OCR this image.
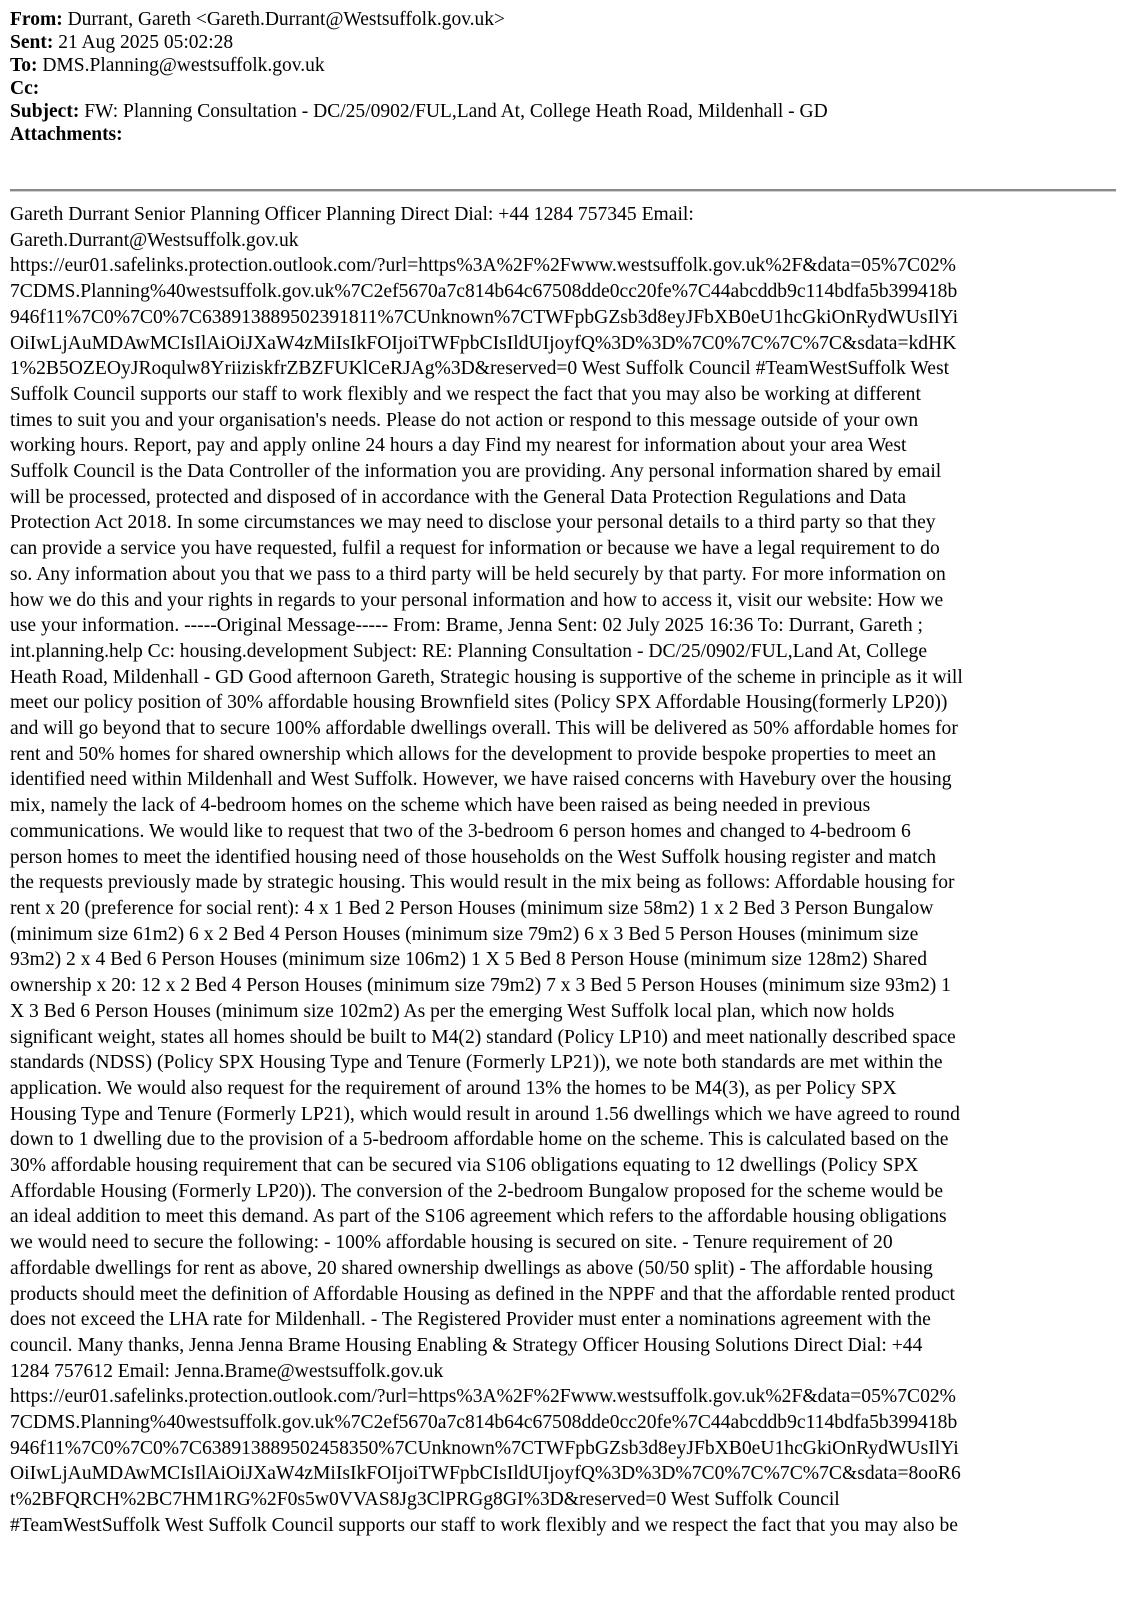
From: Durrant, Gareth <Gareth.Durrant@Westsuffolk.gov.uk>
Sent: 21 Aug 2025 05:02:28
To: DMS.Planning@westsuffolk.gov.uk
Cc:
Subject: FW: Planning Consultation - DC/25/0902/FUL,Land At, College Heath Road, Mildenhall - GD
Attachments:
Gareth Durrant Senior Planning Officer Planning Direct Dial: +44 1284 757345 Email:
Gareth.Durrant@Westsuffolk.gov.uk
https://eur01.safelinks.protection.outlook.com/?url=https%3A%2F%2Fwww.westsuffolk.gov.uk%2F&data=05%7C02%
7CDMS.Planning%40westsuffolk.gov.uk%7C2ef5670a7c814b64c67508dde0cc20fe%7C44abcddb9c114bdfa5b399418b
946f11%7C0%7C0%7C638913889502391811%7CUnknown%7CTWFpbGZsb3d8eyJFbXB0eU1hcGkiOnRydWUsIlYi
OiIwLjAuMDAwMCIsIlAiOiJXaW4zMiIsIkFOIjoiTWFpbCIsIldUIjoyfQ%3D%3D%7C0%7C%7C%7C&sdata=kdHK
1%2B5OZEOyJRoqulw8YriiziskfrZBZFUKlCeRJAg%3D&reserved=0 West Suffolk Council #TeamWestSuffolk West
Suffolk Council supports our staff to work flexibly and we respect the fact that you may also be working at different
times to suit you and your organisation's needs. Please do not action or respond to this message outside of your own
working hours. Report, pay and apply online 24 hours a day Find my nearest for information about your area West
Suffolk Council is the Data Controller of the information you are providing. Any personal information shared by email
will be processed, protected and disposed of in accordance with the General Data Protection Regulations and Data
Protection Act 2018. In some circumstances we may need to disclose your personal details to a third party so that they
can provide a service you have requested, fulfil a request for information or because we have a legal requirement to do
so. Any information about you that we pass to a third party will be held securely by that party. For more information on
how we do this and your rights in regards to your personal information and how to access it, visit our website: How we
use your information. -----Original Message----- From: Brame, Jenna Sent: 02 July 2025 16:36 To: Durrant, Gareth ;
int.planning.help Cc: housing.development Subject: RE: Planning Consultation - DC/25/0902/FUL,Land At, College
Heath Road, Mildenhall - GD Good afternoon Gareth, Strategic housing is supportive of the scheme in principle as it will
meet our policy position of 30% affordable housing Brownfield sites (Policy SPX Affordable Housing(formerly LP20))
and will go beyond that to secure 100% affordable dwellings overall. This will be delivered as 50% affordable homes for
rent and 50% homes for shared ownership which allows for the development to provide bespoke properties to meet an
identified need within Mildenhall and West Suffolk. However, we have raised concerns with Havebury over the housing
mix, namely the lack of 4-bedroom homes on the scheme which have been raised as being needed in previous
communications. We would like to request that two of the 3-bedroom 6 person homes and changed to 4-bedroom 6
person homes to meet the identified housing need of those households on the West Suffolk housing register and match
the requests previously made by strategic housing. This would result in the mix being as follows: Affordable housing for
rent x 20 (preference for social rent): 4 x 1 Bed 2 Person Houses (minimum size 58m2) 1 x 2 Bed 3 Person Bungalow
(minimum size 61m2) 6 x 2 Bed 4 Person Houses (minimum size 79m2) 6 x 3 Bed 5 Person Houses (minimum size
93m2) 2 x 4 Bed 6 Person Houses (minimum size 106m2) 1 X 5 Bed 8 Person House (minimum size 128m2) Shared
ownership x 20: 12 x 2 Bed 4 Person Houses (minimum size 79m2) 7 x 3 Bed 5 Person Houses (minimum size 93m2) 1
X 3 Bed 6 Person Houses (minimum size 102m2) As per the emerging West Suffolk local plan, which now holds
significant weight, states all homes should be built to M4(2) standard (Policy LP10) and meet nationally described space
standards (NDSS) (Policy SPX Housing Type and Tenure (Formerly LP21)), we note both standards are met within the
application. We would also request for the requirement of around 13% the homes to be M4(3), as per Policy SPX
Housing Type and Tenure (Formerly LP21), which would result in around 1.56 dwellings which we have agreed to round
down to 1 dwelling due to the provision of a 5-bedroom affordable home on the scheme. This is calculated based on the
30% affordable housing requirement that can be secured via S106 obligations equating to 12 dwellings (Policy SPX
Affordable Housing (Formerly LP20)). The conversion of the 2-bedroom Bungalow proposed for the scheme would be
an ideal addition to meet this demand. As part of the S106 agreement which refers to the affordable housing obligations
we would need to secure the following: - 100% affordable housing is secured on site. - Tenure requirement of 20
affordable dwellings for rent as above, 20 shared ownership dwellings as above (50/50 split) - The affordable housing
products should meet the definition of Affordable Housing as defined in the NPPF and that the affordable rented product
does not exceed the LHA rate for Mildenhall. - The Registered Provider must enter a nominations agreement with the
council. Many thanks, Jenna Jenna Brame Housing Enabling & Strategy Officer Housing Solutions Direct Dial: +44
1284 757612 Email: Jenna.Brame@westsuffolk.gov.uk
https://eur01.safelinks.protection.outlook.com/?url=https%3A%2F%2Fwww.westsuffolk.gov.uk%2F&data=05%7C02%
7CDMS.Planning%40westsuffolk.gov.uk%7C2ef5670a7c814b64c67508dde0cc20fe%7C44abcddb9c114bdfa5b399418b
946f11%7C0%7C0%7C638913889502458350%7CUnknown%7CTWFpbGZsb3d8eyJFbXB0eU1hcGkiOnRydWUsIlYi
OiIwLjAuMDAwMCIsIlAiOiJXaW4zMiIsIkFOIjoiTWFpbCIsIldUIjoyfQ%3D%3D%7C0%7C%7C%7C&sdata=8ooR6
t%2BFQRCH%2BC7HM1RG%2F0s5w0VVAS8Jg3ClPRGg8GI%3D&reserved=0 West Suffolk Council
#TeamWestSuffolk West Suffolk Council supports our staff to work flexibly and we respect the fact that you may also be
